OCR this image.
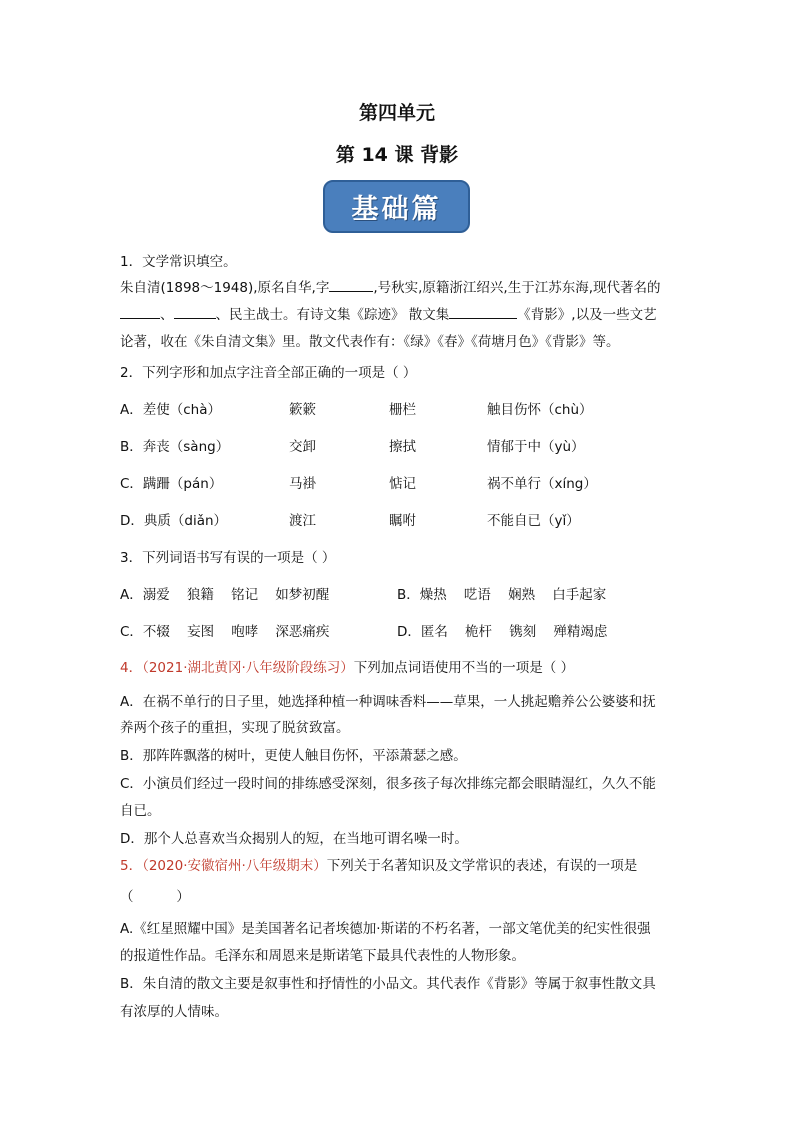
第四单元
第 14 课 背影
基础篇
1．文学常识填空。
朱自清(1898～1948),原名自华,字	,号秋实,原籍浙江绍兴,生于江苏东海,现代著名的
、	、民主战士。有诗文集《踪迹》 散文集	《背影》,以及一些文艺
论著，收在《朱自清文集》里。散文代表作有：《绿》《春》《荷塘月色》《背影》等。
2．下列字形和加点字注音全部正确的一项是（ ）
A．差使（chà）	簌簌	栅栏	触目伤怀（chù）
B．奔丧（sàng）	交卸	擦拭	情郁于中（yù）
C．蹒跚（pán）	马褂	惦记	祸不单行（xíng）
D．典质（diǎn）	渡江	瞩咐	不能自已（yǐ）
3．下列词语书写有误的一项是（ ）
A．溺爱    狼籍    铭记    如梦初醒	B．燥热    呓语    娴熟    白手起家
C．不辍    妄图    咆哮    深恶痛疾	D．匿名    桅杆    镌刻    殚精竭虑
4．（2021·湖北黄冈·八年级阶段练习）下列加点词语使用不当的一项是（ ）
A．在祸不单行的日子里，她选择种植一种调味香料——草果，一人挑起赡养公公婆婆和抚
养两个孩子的重担，实现了脱贫致富。
B．那阵阵飘落的树叶，更使人触目伤怀，平添萧瑟之感。
C．小演员们经过一段时间的排练感受深刻，很多孩子每次排练完都会眼睛湿红，久久不能
自已。
D．那个人总喜欢当众揭别人的短，在当地可谓名噪一时。
5．（2020·安徽宿州·八年级期末）下列关于名著知识及文学常识的表述，有误的一项是
（          ）
A.《红星照耀中国》是美国著名记者埃德加·斯诺的不朽名著，一部文笔优美的纪实性很强
的报道性作品。毛泽东和周恩来是斯诺笔下最具代表性的人物形象。
B．朱自清的散文主要是叙事性和抒情性的小品文。其代表作《背影》等属于叙事性散文具
有浓厚的人情味。
